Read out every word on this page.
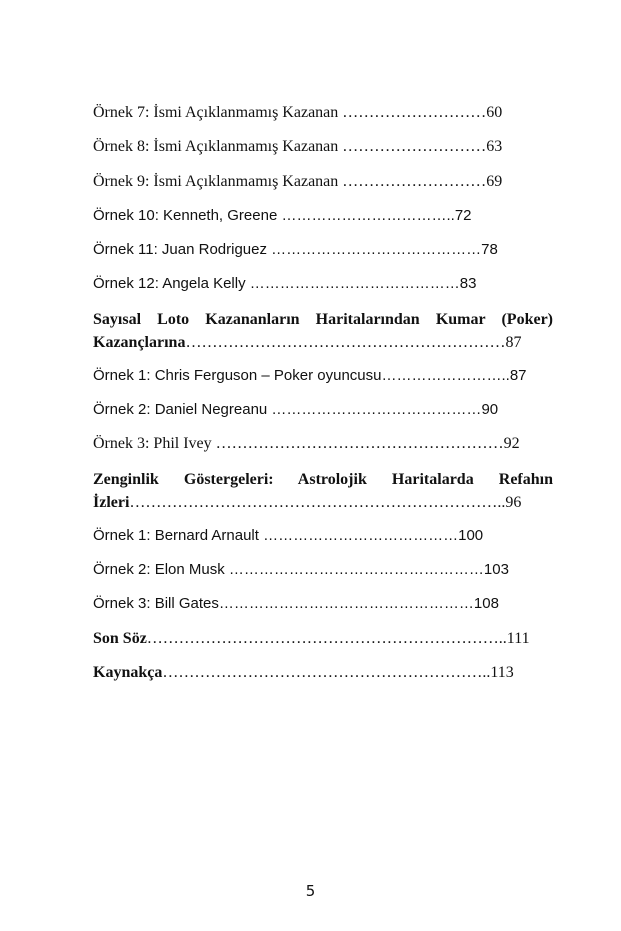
Örnek 7: İsmi Açıklanmamış Kazanan ………………………60
Örnek 8: İsmi Açıklanmamış Kazanan ………………………63
Örnek 9: İsmi Açıklanmamış Kazanan ………………………69
Örnek 10: Kenneth, Greene ……………………………..72
Örnek 11: Juan Rodriguez ……………………………………78
Örnek 12: Angela Kelly ……………………………………83
Sayısal Loto Kazananların Haritalarından Kumar (Poker)
Kazançlarına……………………………………………………87
Örnek 1: Chris Ferguson – Poker oyuncusu……………………..87
Örnek 2: Daniel Negreanu ……………………………………90
Örnek 3: Phil Ivey ………………………………………………92
Zenginlik Göstergeleri: Astrolojik Haritalarda Refahın
İzleri……………………………………………………………..96
Örnek 1: Bernard Arnault …………………………………100
Örnek 2: Elon Musk ……………………………………………103
Örnek 3: Bill Gates……………………………………………108
Son Söz…………………………………………………………..111
Kaynakça……………………………………………………..113
5
